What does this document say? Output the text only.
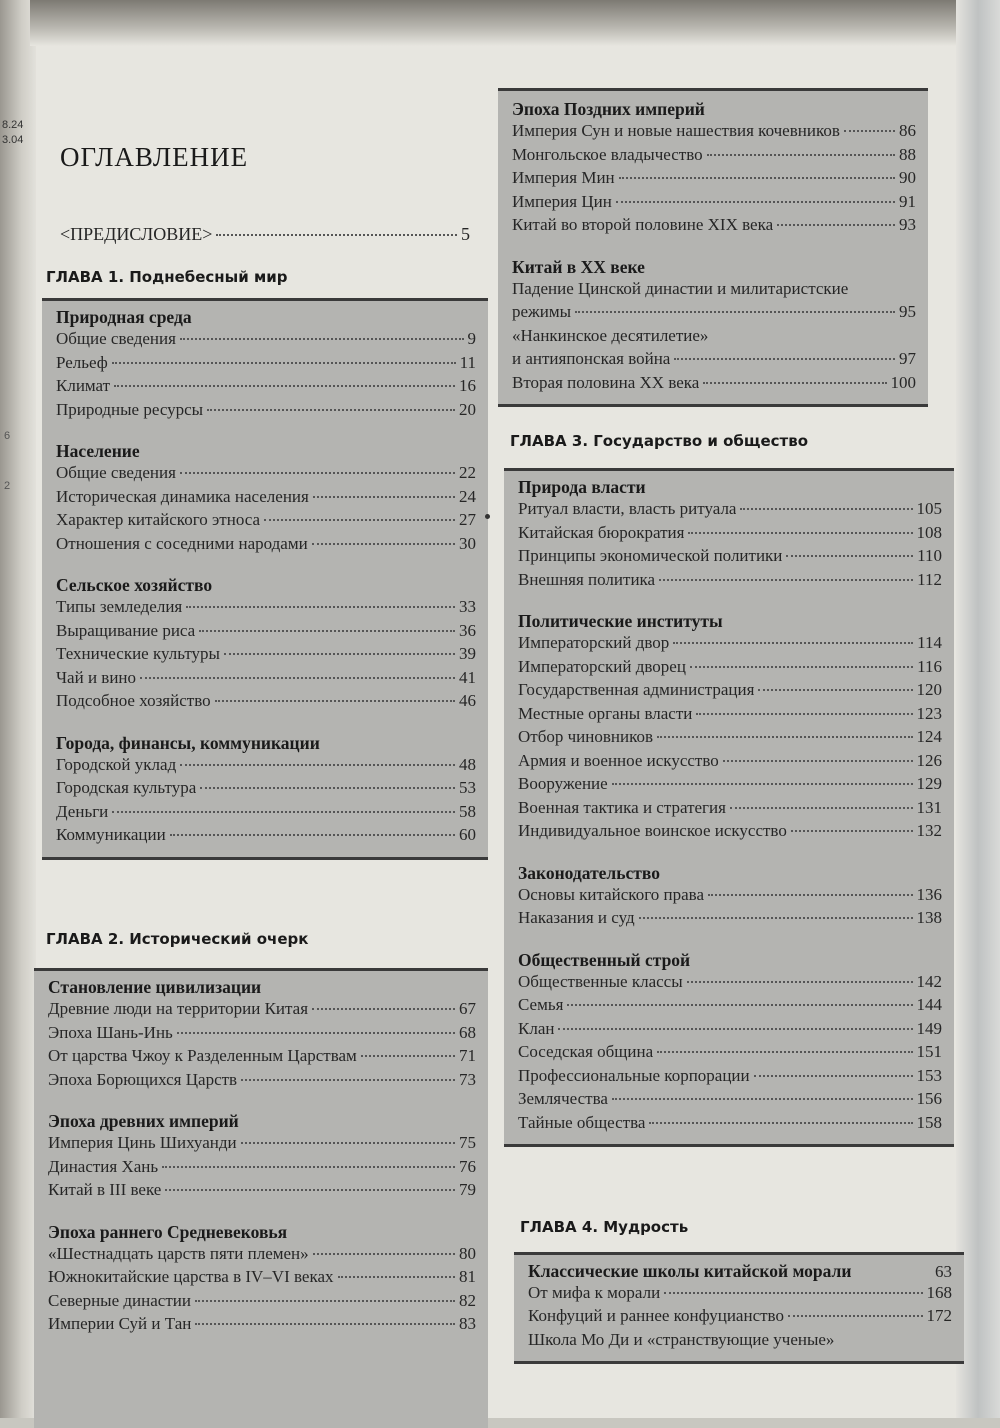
8.24 3.04
6
2
ОГЛАВЛЕНИЕ
<ПРЕДИСЛОВИЕ>	5
ГЛАВА 1. Поднебесный мир
Природная среда
Общие сведения	9
Рельеф	11
Климат	16
Природные ресурсы	20
Население
Общие сведения	22
Историческая динамика населения	24
Характер китайского этноса	27
Отношения с соседними народами	30
Сельское хозяйство
Типы земледелия	33
Выращивание риса	36
Технические культуры	39
Чай и вино	41
Подсобное хозяйство	46
Города, финансы, коммуникации
Городской уклад	48
Городская культура	53
Деньги	58
Коммуникации	60
ГЛАВА 2. Исторический очерк
Становление цивилизации
Древние люди на территории Китая	67
Эпоха Шань-Инь	68
От царства Чжоу к Разделенным Царствам	71
Эпоха Борющихся Царств	73
Эпоха древних империй
Империя Цинь Шихуанди	75
Династия Хань	76
Китай в III веке	79
Эпоха раннего Средневековья
«Шестнадцать царств пяти племен»	80
Южнокитайские царства в IV–VI веках	81
Северные династии	82
Империи Суй и Тан	83
Эпоха Поздних империй
Империя Сун и новые нашествия кочевников	86
Монгольское владычество	88
Империя Мин	90
Империя Цин	91
Китай во второй половине XIX века	93
Китай в XX веке
Падение Цинской династии и милитаристские
режимы	95
«Нанкинское десятилетие»
и антияпонская война	97
Вторая половина XX века	100
ГЛАВА 3. Государство и общество
Природа власти
Ритуал власти, власть ритуала	105
Китайская бюрократия	108
Принципы экономической политики	110
Внешняя политика	112
Политические институты
Императорский двор	114
Императорский дворец	116
Государственная администрация	120
Местные органы власти	123
Отбор чиновников	124
Армия и военное искусство	126
Вооружение	129
Военная тактика и стратегия	131
Индивидуальное воинское искусство	132
Законодательство
Основы китайского права	136
Наказания и суд	138
Общественный строй
Общественные классы	142
Семья	144
Клан	149
Соседская община	151
Профессиональные корпорации	153
Землячества	156
Тайные общества	158
ГЛАВА 4. Мудрость
Классические школы китайской морали	63
От мифа к морали	168
Конфуций и раннее конфуцианство	172
Школа Мо Ди и «странствующие ученые»
